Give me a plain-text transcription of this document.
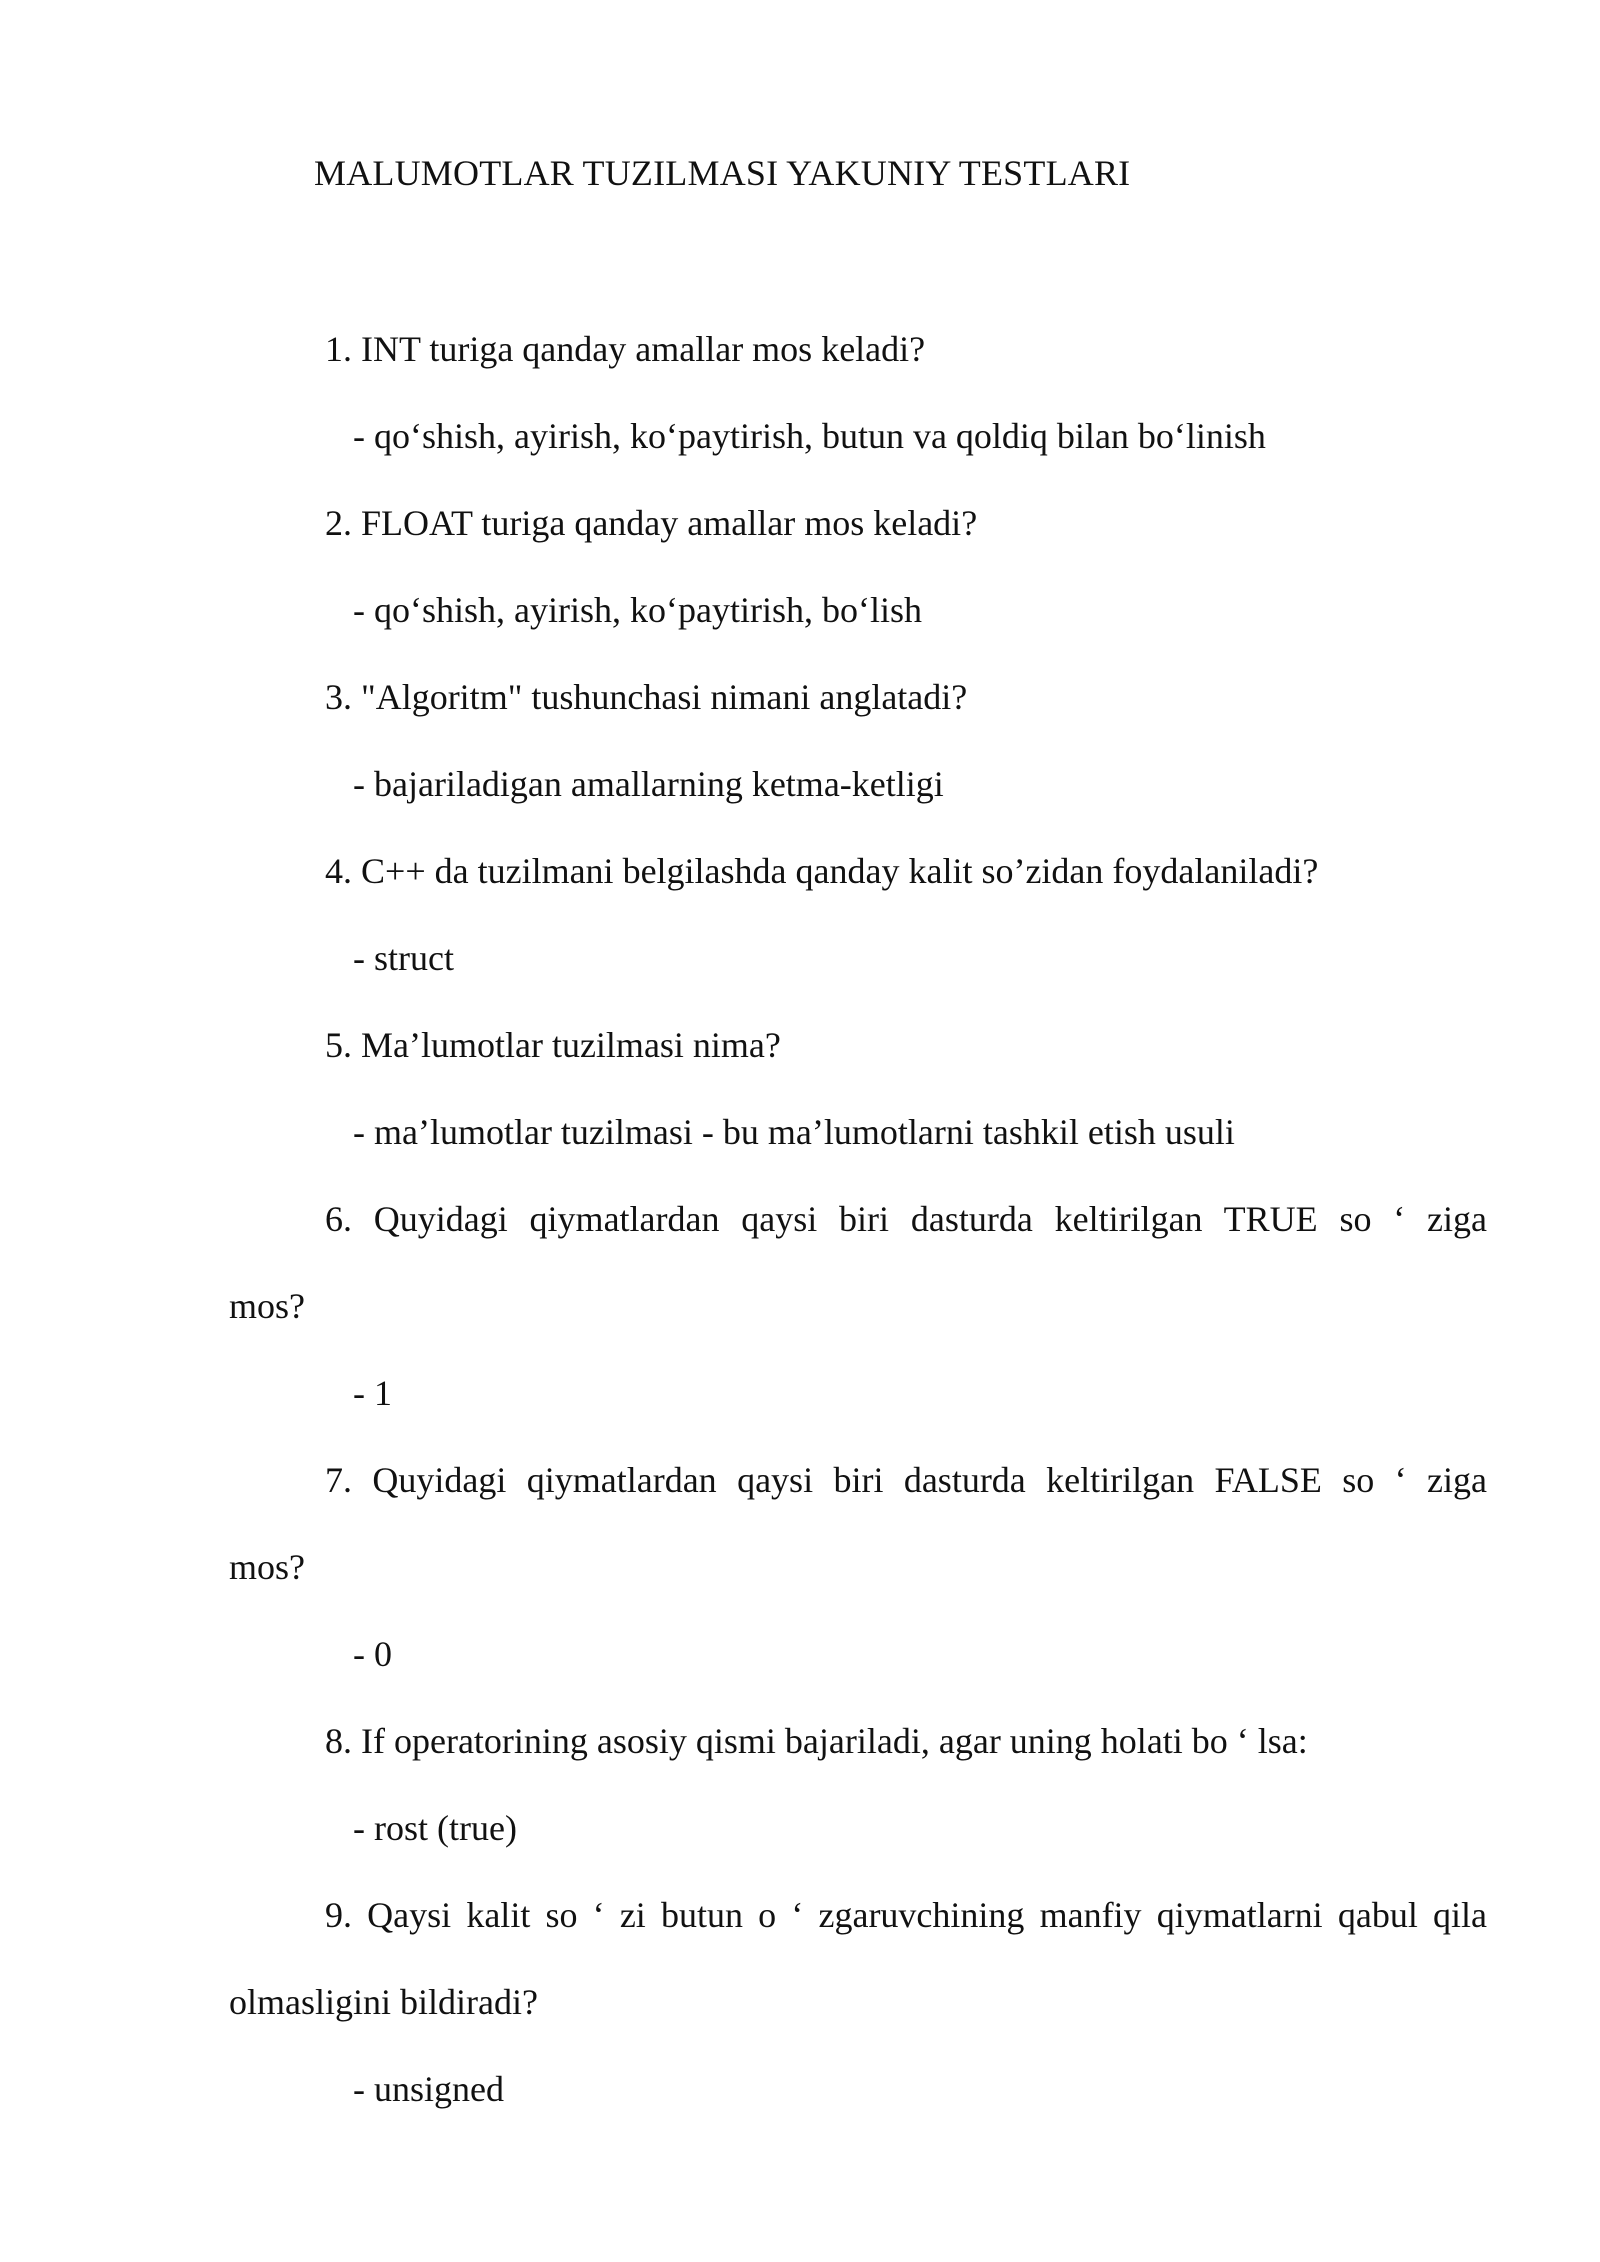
MALUMOTLAR TUZILMASI YAKUNIY TESTLARI
1. INT turiga qanday amallar mos keladi?
- qo‘shish, ayirish, ko‘paytirish, butun va qoldiq bilan bo‘linish
2. FLOAT turiga qanday amallar mos keladi?
- qo‘shish, ayirish, ko‘paytirish, bo‘lish
3. "Algoritm" tushunchasi nimani anglatadi?
- bajariladigan amallarning ketma-ketligi
4. C++ da tuzilmani belgilashda qanday kalit so’zidan foydalaniladi?
- struct
5. Ma’lumotlar tuzilmasi nima?
- ma’lumotlar tuzilmasi - bu ma’lumotlarni tashkil etish usuli
6. Quyidagi qiymatlardan qaysi biri dasturda keltirilgan TRUE so ‘ ziga
mos?
- 1
7. Quyidagi qiymatlardan qaysi biri dasturda keltirilgan FALSE so ‘ ziga
mos?
- 0
8. If operatorining asosiy qismi bajariladi, agar uning holati bo ‘ lsa:
- rost (true)
9. Qaysi kalit so ‘ zi butun o ‘ zgaruvchining manfiy qiymatlarni qabul qila
olmasligini bildiradi?
- unsigned
